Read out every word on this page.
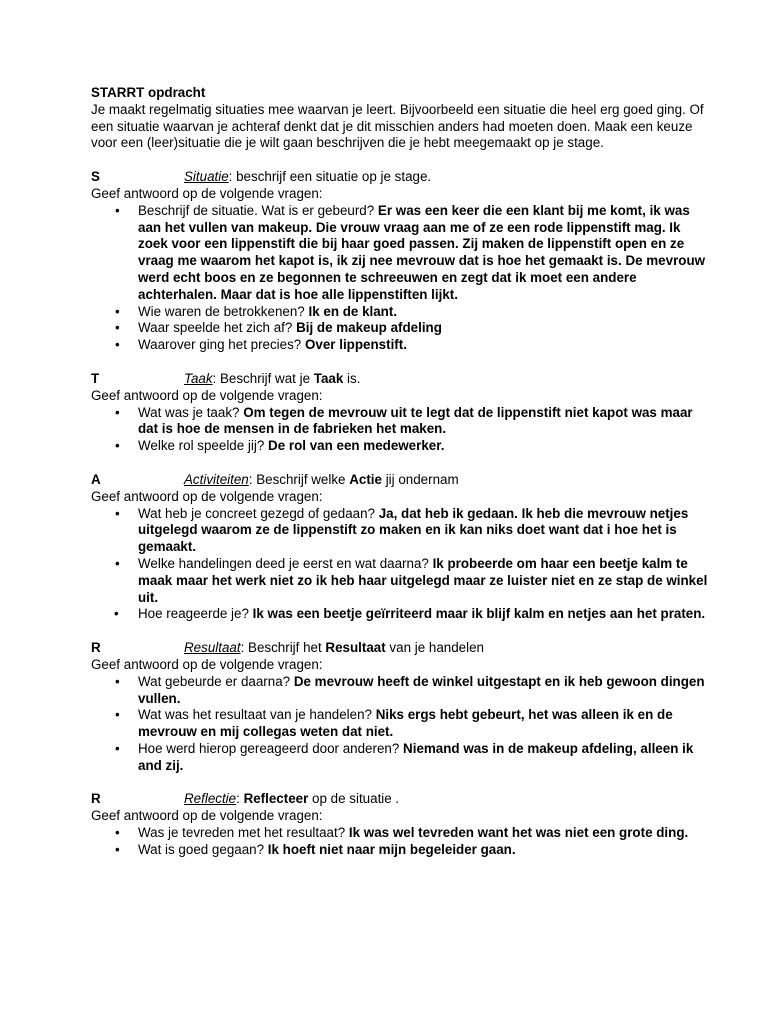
STARRT opdracht

Je maakt regelmatig situaties mee waarvan je leert. Bijvoorbeeld een situatie die heel erg goed ging. Of een situatie waarvan je achteraf denkt dat je dit misschien anders had moeten doen. Maak een keuze voor een (leer)situatie die je wilt gaan beschrijven die je hebt meegemaakt op je stage.

S	Situatie: beschrijf een situatie op je stage.
Geef antwoord op de volgende vragen:
• Beschrijf de situatie. Wat is er gebeurd? Er was een keer die een klant bij me komt, ik was aan het vullen van makeup. Die vrouw vraag aan me of ze een rode lippenstift mag. Ik zoek voor een lippenstift die bij haar goed passen. Zij maken de lippenstift open en ze vraag me waarom het kapot is, ik zij nee mevrouw dat is hoe het gemaakt is. De mevrouw werd echt boos en ze begonnen te schreeuwen en zegt dat ik moet een andere achterhalen. Maar dat is hoe alle lippenstiften lijkt.
• Wie waren de betrokkenen? Ik en de klant.
• Waar speelde het zich af? Bij de makeup afdeling
• Waarover ging het precies? Over lippenstift.
T	Taak: Beschrijf wat je Taak is.
Geef antwoord op de volgende vragen:
• Wat was je taak? Om tegen de mevrouw uit te legt dat de lippenstift niet kapot was maar dat is hoe de mensen in de fabrieken het maken.
• Welke rol speelde jij? De rol van een medewerker.
A	Activiteiten: Beschrijf welke Actie jij ondernam
Geef antwoord op de volgende vragen:
• Wat heb je concreet gezegd of gedaan? Ja, dat heb ik gedaan. Ik heb die mevrouw netjes uitgelegd waarom ze de lippenstift zo maken en ik kan niks doet want dat i hoe het is gemaakt.
• Welke handelingen deed je eerst en wat daarna? Ik probeerde om haar een beetje kalm te maak maar het werk niet zo ik heb haar uitgelegd maar ze luister niet en ze stap de winkel uit.
• Hoe reageerde je? Ik was een beetje geïrriteerd maar ik blijf kalm en netjes aan het praten.
R	Resultaat: Beschrijf het Resultaat van je handelen
Geef antwoord op de volgende vragen:
• Wat gebeurde er daarna? De mevrouw heeft de winkel uitgestapt en ik heb gewoon dingen vullen.
• Wat was het resultaat van je handelen? Niks ergs hebt gebeurt, het was alleen ik en de mevrouw en mij collegas weten dat niet.
• Hoe werd hierop gereageerd door anderen? Niemand was in de makeup afdeling, alleen ik and zij.
R	Reflectie: Reflecteer op de situatie .
Geef antwoord op de volgende vragen:
• Was je tevreden met het resultaat? Ik was wel tevreden want het was niet een grote ding.
• Wat is goed gegaan? Ik hoeft niet naar mijn begeleider gaan.
